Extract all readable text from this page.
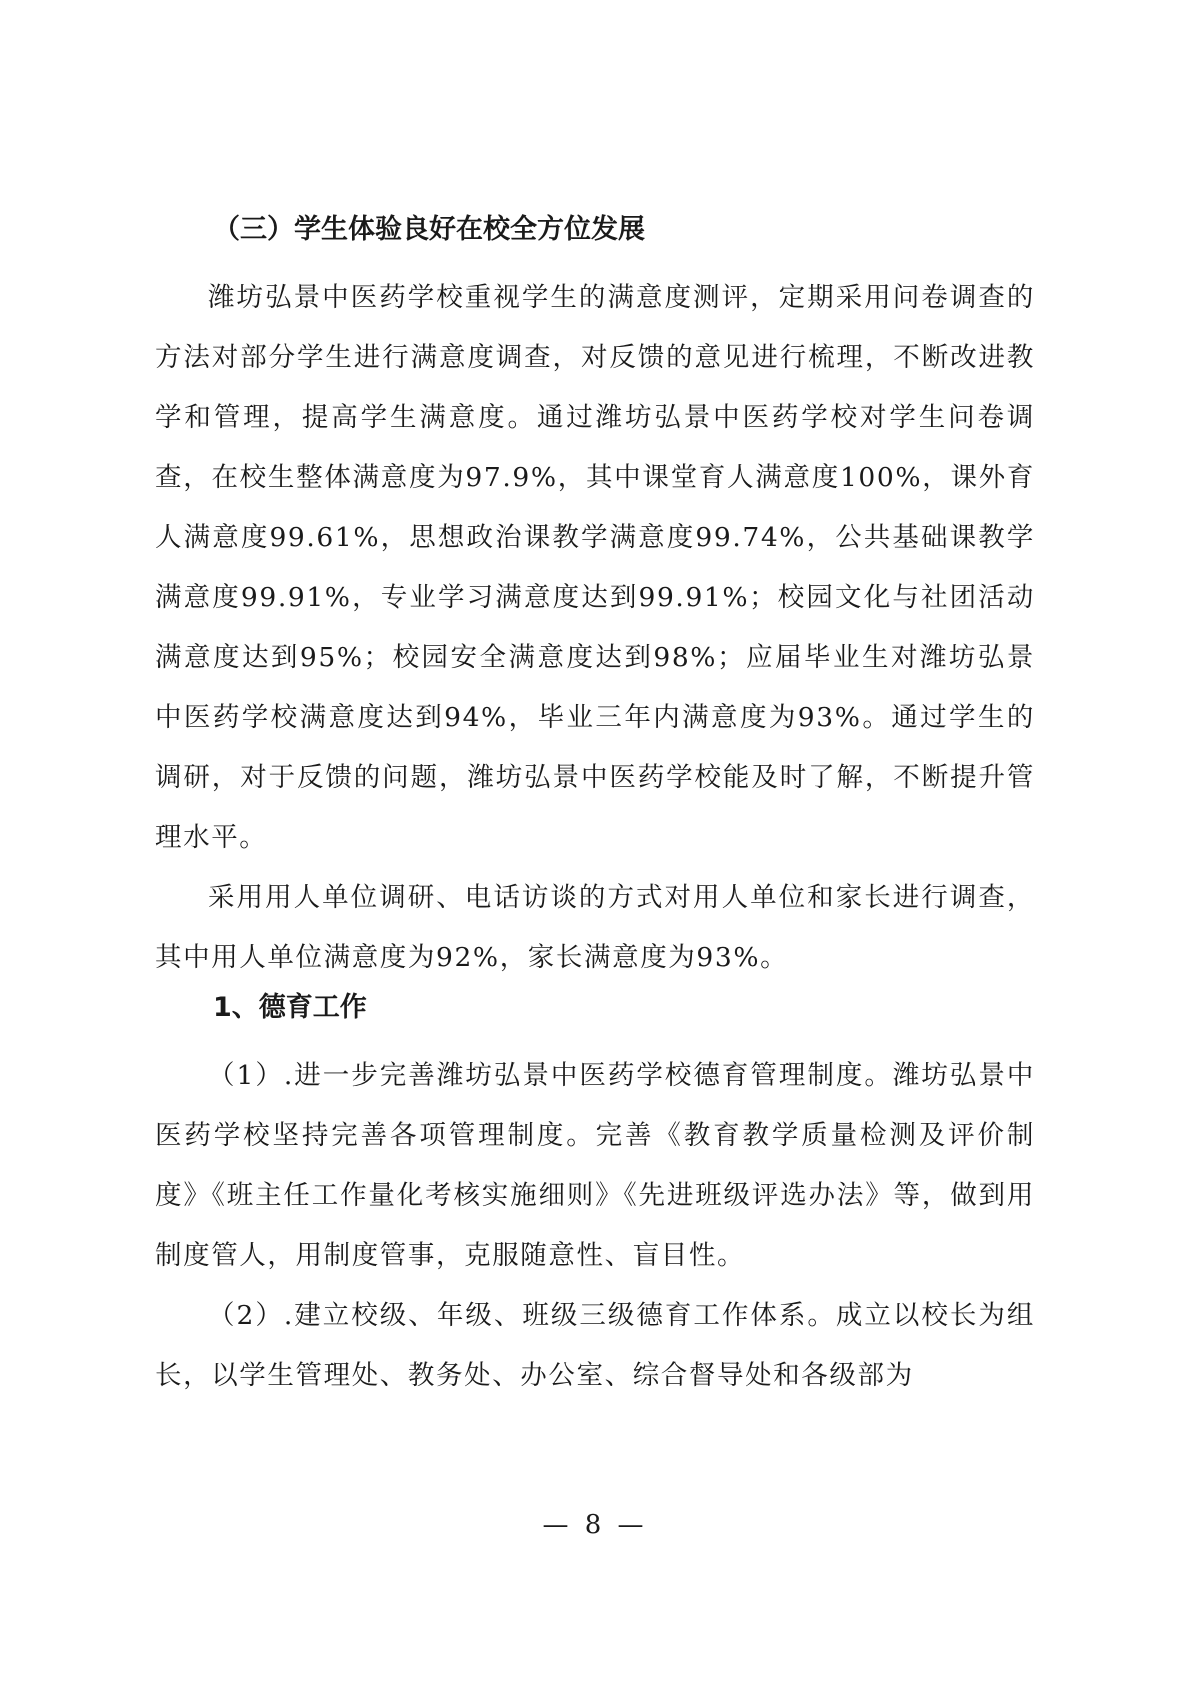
（三）学生体验良好在校全方位发展

潍坊弘景中医药学校重视学生的满意度测评，定期采用问卷调查的方法对部分学生进行满意度调查，对反馈的意见进行梳理，不断改进教学和管理，提高学生满意度。通过潍坊弘景中医药学校对学生问卷调查，在校生整体满意度为97.9%，其中课堂育人满意度100%，课外育人满意度99.61%，思想政治课教学满意度99.74%，公共基础课教学满意度99.91%，专业学习满意度达到99.91%；校园文化与社团活动满意度达到95%；校园安全满意度达到98%；应届毕业生对潍坊弘景中医药学校满意度达到94%，毕业三年内满意度为93%。通过学生的调研，对于反馈的问题，潍坊弘景中医药学校能及时了解，不断提升管理水平。

采用用人单位调研、电话访谈的方式对用人单位和家长进行调查，其中用人单位满意度为92%，家长满意度为93%。

1、德育工作

（1）.进一步完善潍坊弘景中医药学校德育管理制度。潍坊弘景中医药学校坚持完善各项管理制度。完善《教育教学质量检测及评价制度》《班主任工作量化考核实施细则》《先进班级评选办法》等，做到用制度管人，用制度管事，克服随意性、盲目性。

（2）.建立校级、年级、班级三级德育工作体系。成立以校长为组长，以学生管理处、教务处、办公室、综合督导处和各级部为

— 8 —
